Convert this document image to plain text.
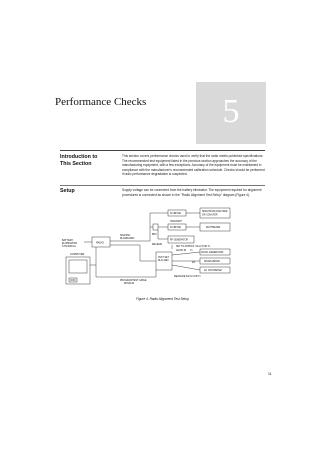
Performance Checks	5
Introduction to
This Section
This section covers performance checks used to verify that the radio meets published specifications. The recommended test equipment listed in the previous section approaches the accuracy of the manufacturing equipment, with a few exceptions. Accuracy of the equipment must be maintained in compliance with the manufacturer's recommended calibration schedule. Checks should be performed if radio performance degradation is suspected.
Setup	Supply voltage can be connected from the battery eliminator. The equipment required for alignment procedures is connected as shown in the "Radio Alignment Test Setup" diagram (Figure 4).
BATTERY
ELIMINATOR
5.5V/300mA
RADIO
COMPUTER
COM
SMA BNC
RLN4510ABC
30 dB PAD
30 dB PAD
SPECTRUM ANALYZER
OR COUNTER
WATTMETER
TRANSMIT
RECEIVE
BNC
RF GENERATOR
TEST SET
RLN-4460
SET TO APPROX. 64mV FOR Tx
AUDIO IN Tx
RX
AUDIO GENERATOR
SINAD METER
AC VOLTMETER
MEASURE 64mV FOR Tx
PROGRAM/TEST CABLE
RKN4149
Figure 4. Radio Alignment Test Setup
11
